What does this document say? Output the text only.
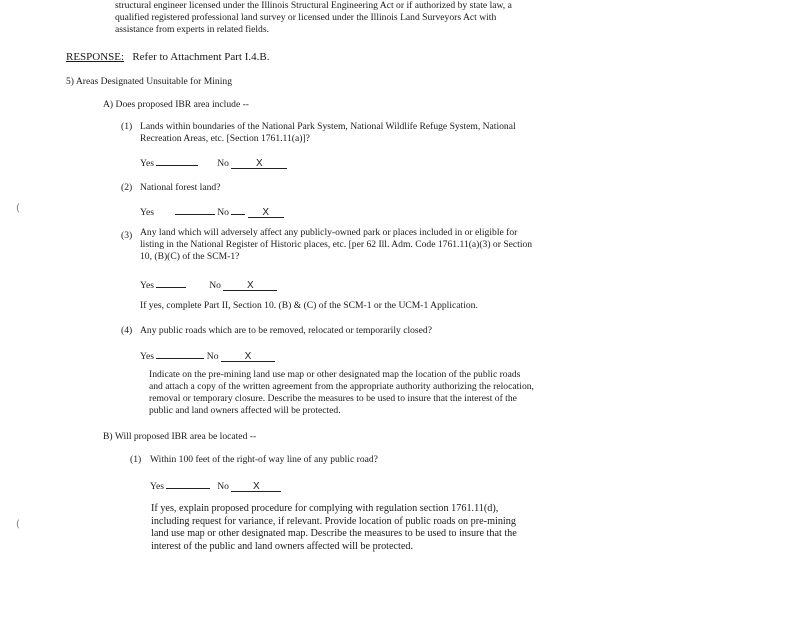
structural engineer licensed under the Illinois Structural Engineering Act or if authorized by state law, a
qualified registered professional land survey or licensed under the Illinois Land Surveyors Act with
assistance from experts in related fields.
RESPONSE: Refer to Attachment Part I.4.B.
5) Areas Designated Unsuitable for Mining
A) Does proposed IBR area include --
(1) Lands within boundaries of the National Park System, National Wildlife Refuge System, National
Recreation Areas, etc. [Section 1761.11(a)]?
Yes	No	X
(2) National forest land?
Yes	No	X
(3) Any land which will adversely affect any publicly-owned park or places included in or eligible for
listing in the National Register of Historic places, etc. [per 62 Ill. Adm. Code 1761.11(a)(3) or Section
10, (B)(C) of the SCM-1?
Yes	No	X
If yes, complete Part II, Section 10. (B) & (C) of the SCM-1 or the UCM-1 Application.
(4) Any public roads which are to be removed, relocated or temporarily closed?
Yes	No	X
Indicate on the pre-mining land use map or other designated map the location of the public roads
and attach a copy of the written agreement from the appropriate authority authorizing the relocation,
removal or temporary closure. Describe the measures to be used to insure that the interest of the
public and land owners affected will be protected.
B) Will proposed IBR area be located --
(1) Within 100 feet of the right-of way line of any public road?
Yes	No X
If yes, explain proposed procedure for complying with regulation section 1761.11(d),
including request for variance, if relevant. Provide location of public roads on pre-mining
land use map or other designated map. Describe the measures to be used to insure that the
interest of the public and land owners affected will be protected.
(
(
